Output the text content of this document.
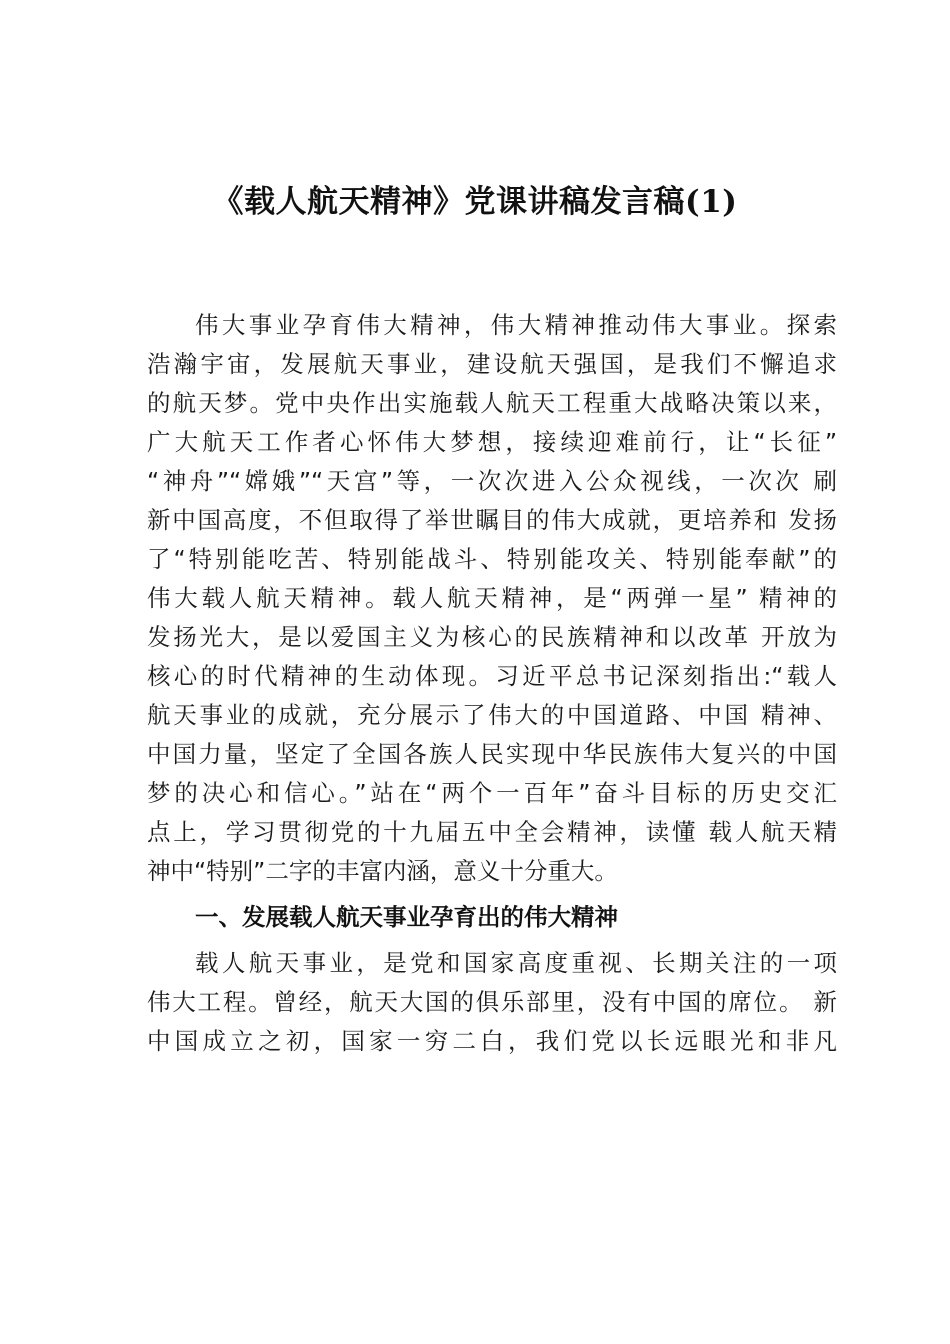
《载人航天精神》党课讲稿发言稿(1)
伟大事业孕育伟大精神，伟大精神推动伟大事业。探索
浩瀚宇宙，发展航天事业，建设航天强国，是我们不懈追求
的航天梦。党中央作出实施载人航天工程重大战略决策以来，
广大航天工作者心怀伟大梦想，接续迎难前行，让“长征”
“神舟”“嫦娥”“天宫”等，一次次进入公众视线，一次次 刷
新中国高度，不但取得了举世瞩目的伟大成就，更培养和 发扬
了“特别能吃苦、特别能战斗、特别能攻关、特别能奉献”的
伟大载人航天精神。载人航天精神，是“两弹一星” 精神的
发扬光大，是以爱国主义为核心的民族精神和以改革 开放为
核心的时代精神的生动体现。习近平总书记深刻指出:“载人
航天事业的成就，充分展示了伟大的中国道路、中国 精神、
中国力量，坚定了全国各族人民实现中华民族伟大复兴的中国
梦的决心和信心。”站在“两个一百年”奋斗目标的历史交汇
点上，学习贯彻党的十九届五中全会精神，读懂 载人航天精
神中“特别”二字的丰富内涵，意义十分重大。
一、发展载人航天事业孕育出的伟大精神
载人航天事业，是党和国家高度重视、长期关注的一项
伟大工程。曾经，航天大国的俱乐部里，没有中国的席位。 新
中国成立之初，国家一穷二白，我们党以长远眼光和非凡
